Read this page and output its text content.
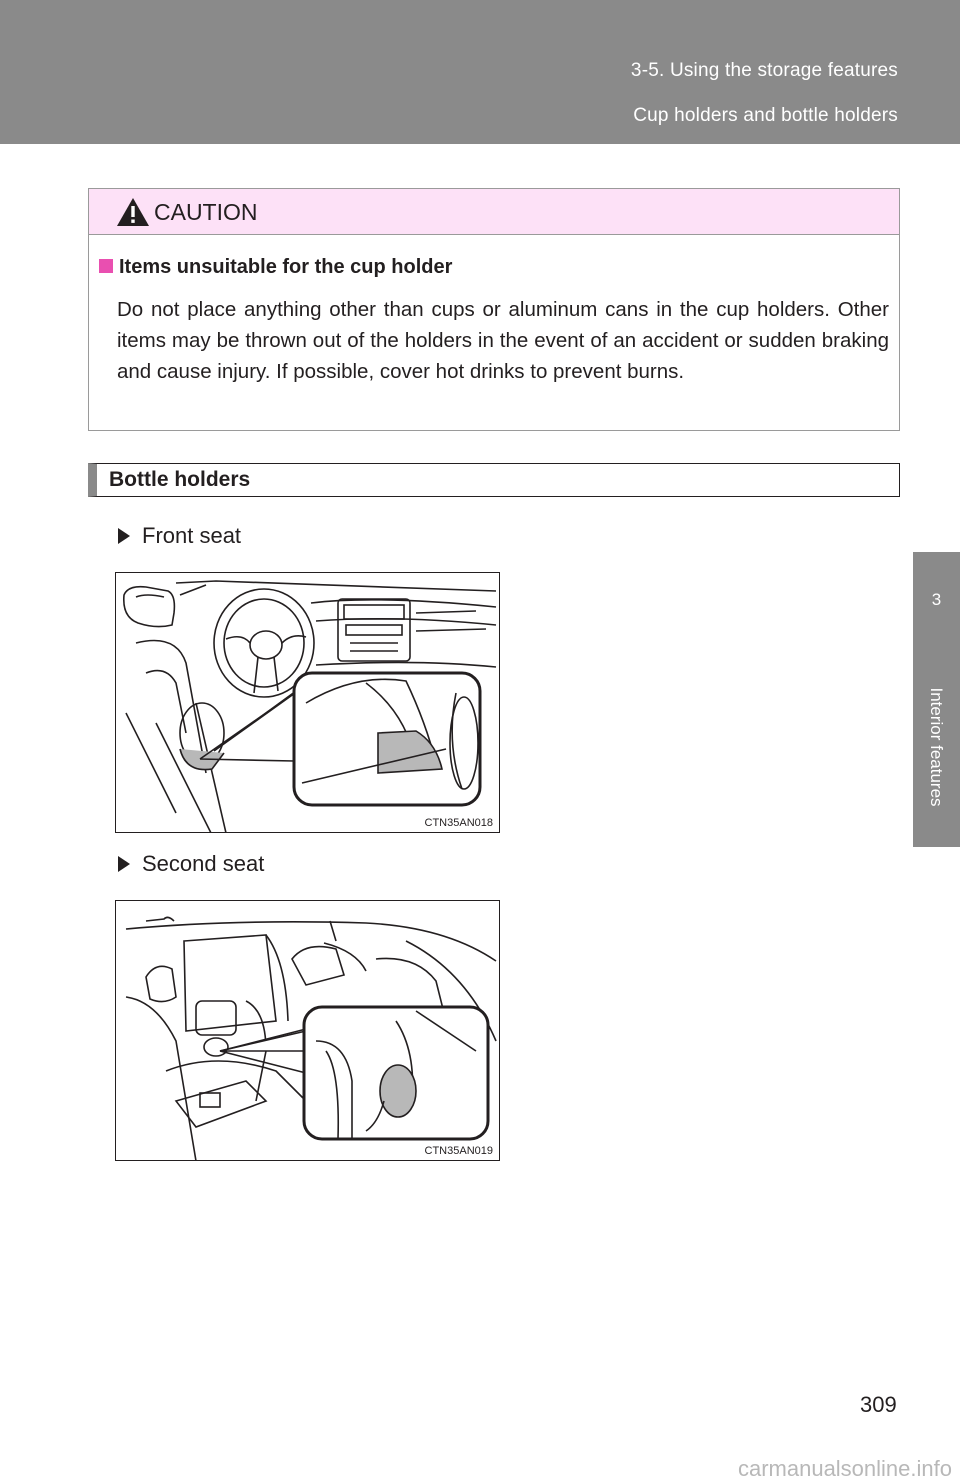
3-5. Using the storage features
Cup holders and bottle holders
3
Interior features
CAUTION
Items unsuitable for the cup holder
Do not place anything other than cups or aluminum cans in the cup holders. Other items may be thrown out of the holders in the event of an accident or sudden braking and cause injury. If possible, cover hot drinks to prevent burns.
Bottle holders
Front seat
CTN35AN018
Second seat
CTN35AN019
309
carmanualsonline.info
